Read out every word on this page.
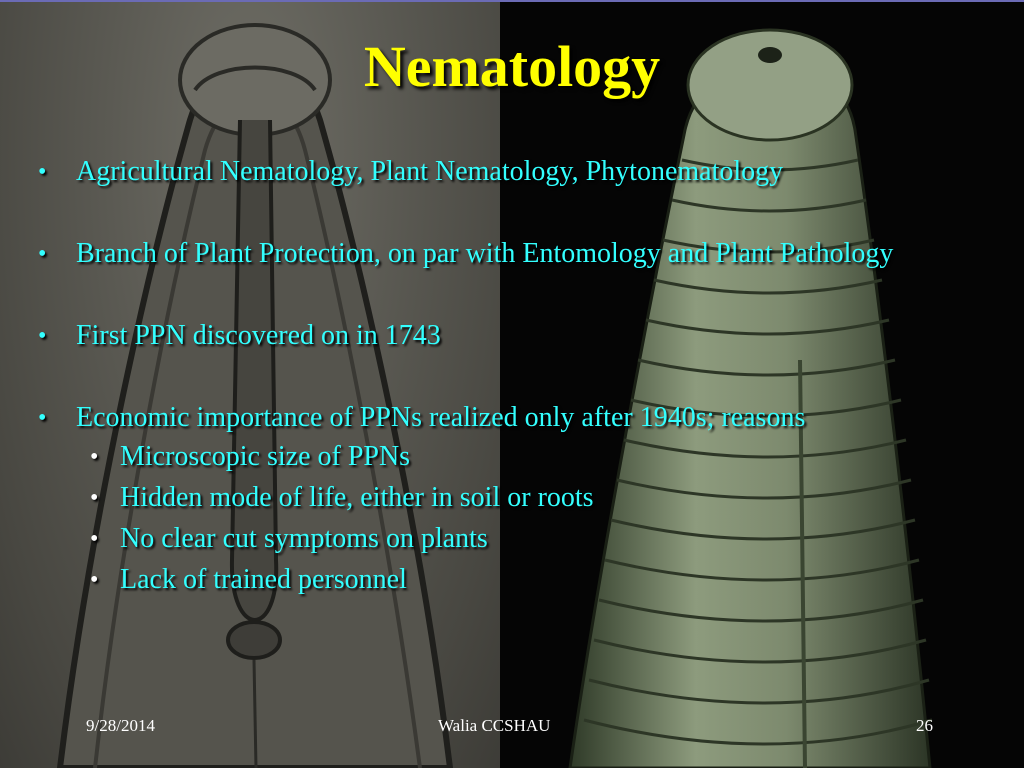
Nematology
• Agricultural Nematology, Plant Nematology, Phytonematology
• Branch of Plant Protection, on par with Entomology and Plant Pathology
• First PPN discovered on in 1743
• Economic importance of PPNs realized only after 1940s; reasons
• Microscopic size of PPNs
• Hidden mode of life, either in soil or roots
• No clear cut symptoms on plants
• Lack of trained personnel
9/28/2014	Walia CCSHAU	26
